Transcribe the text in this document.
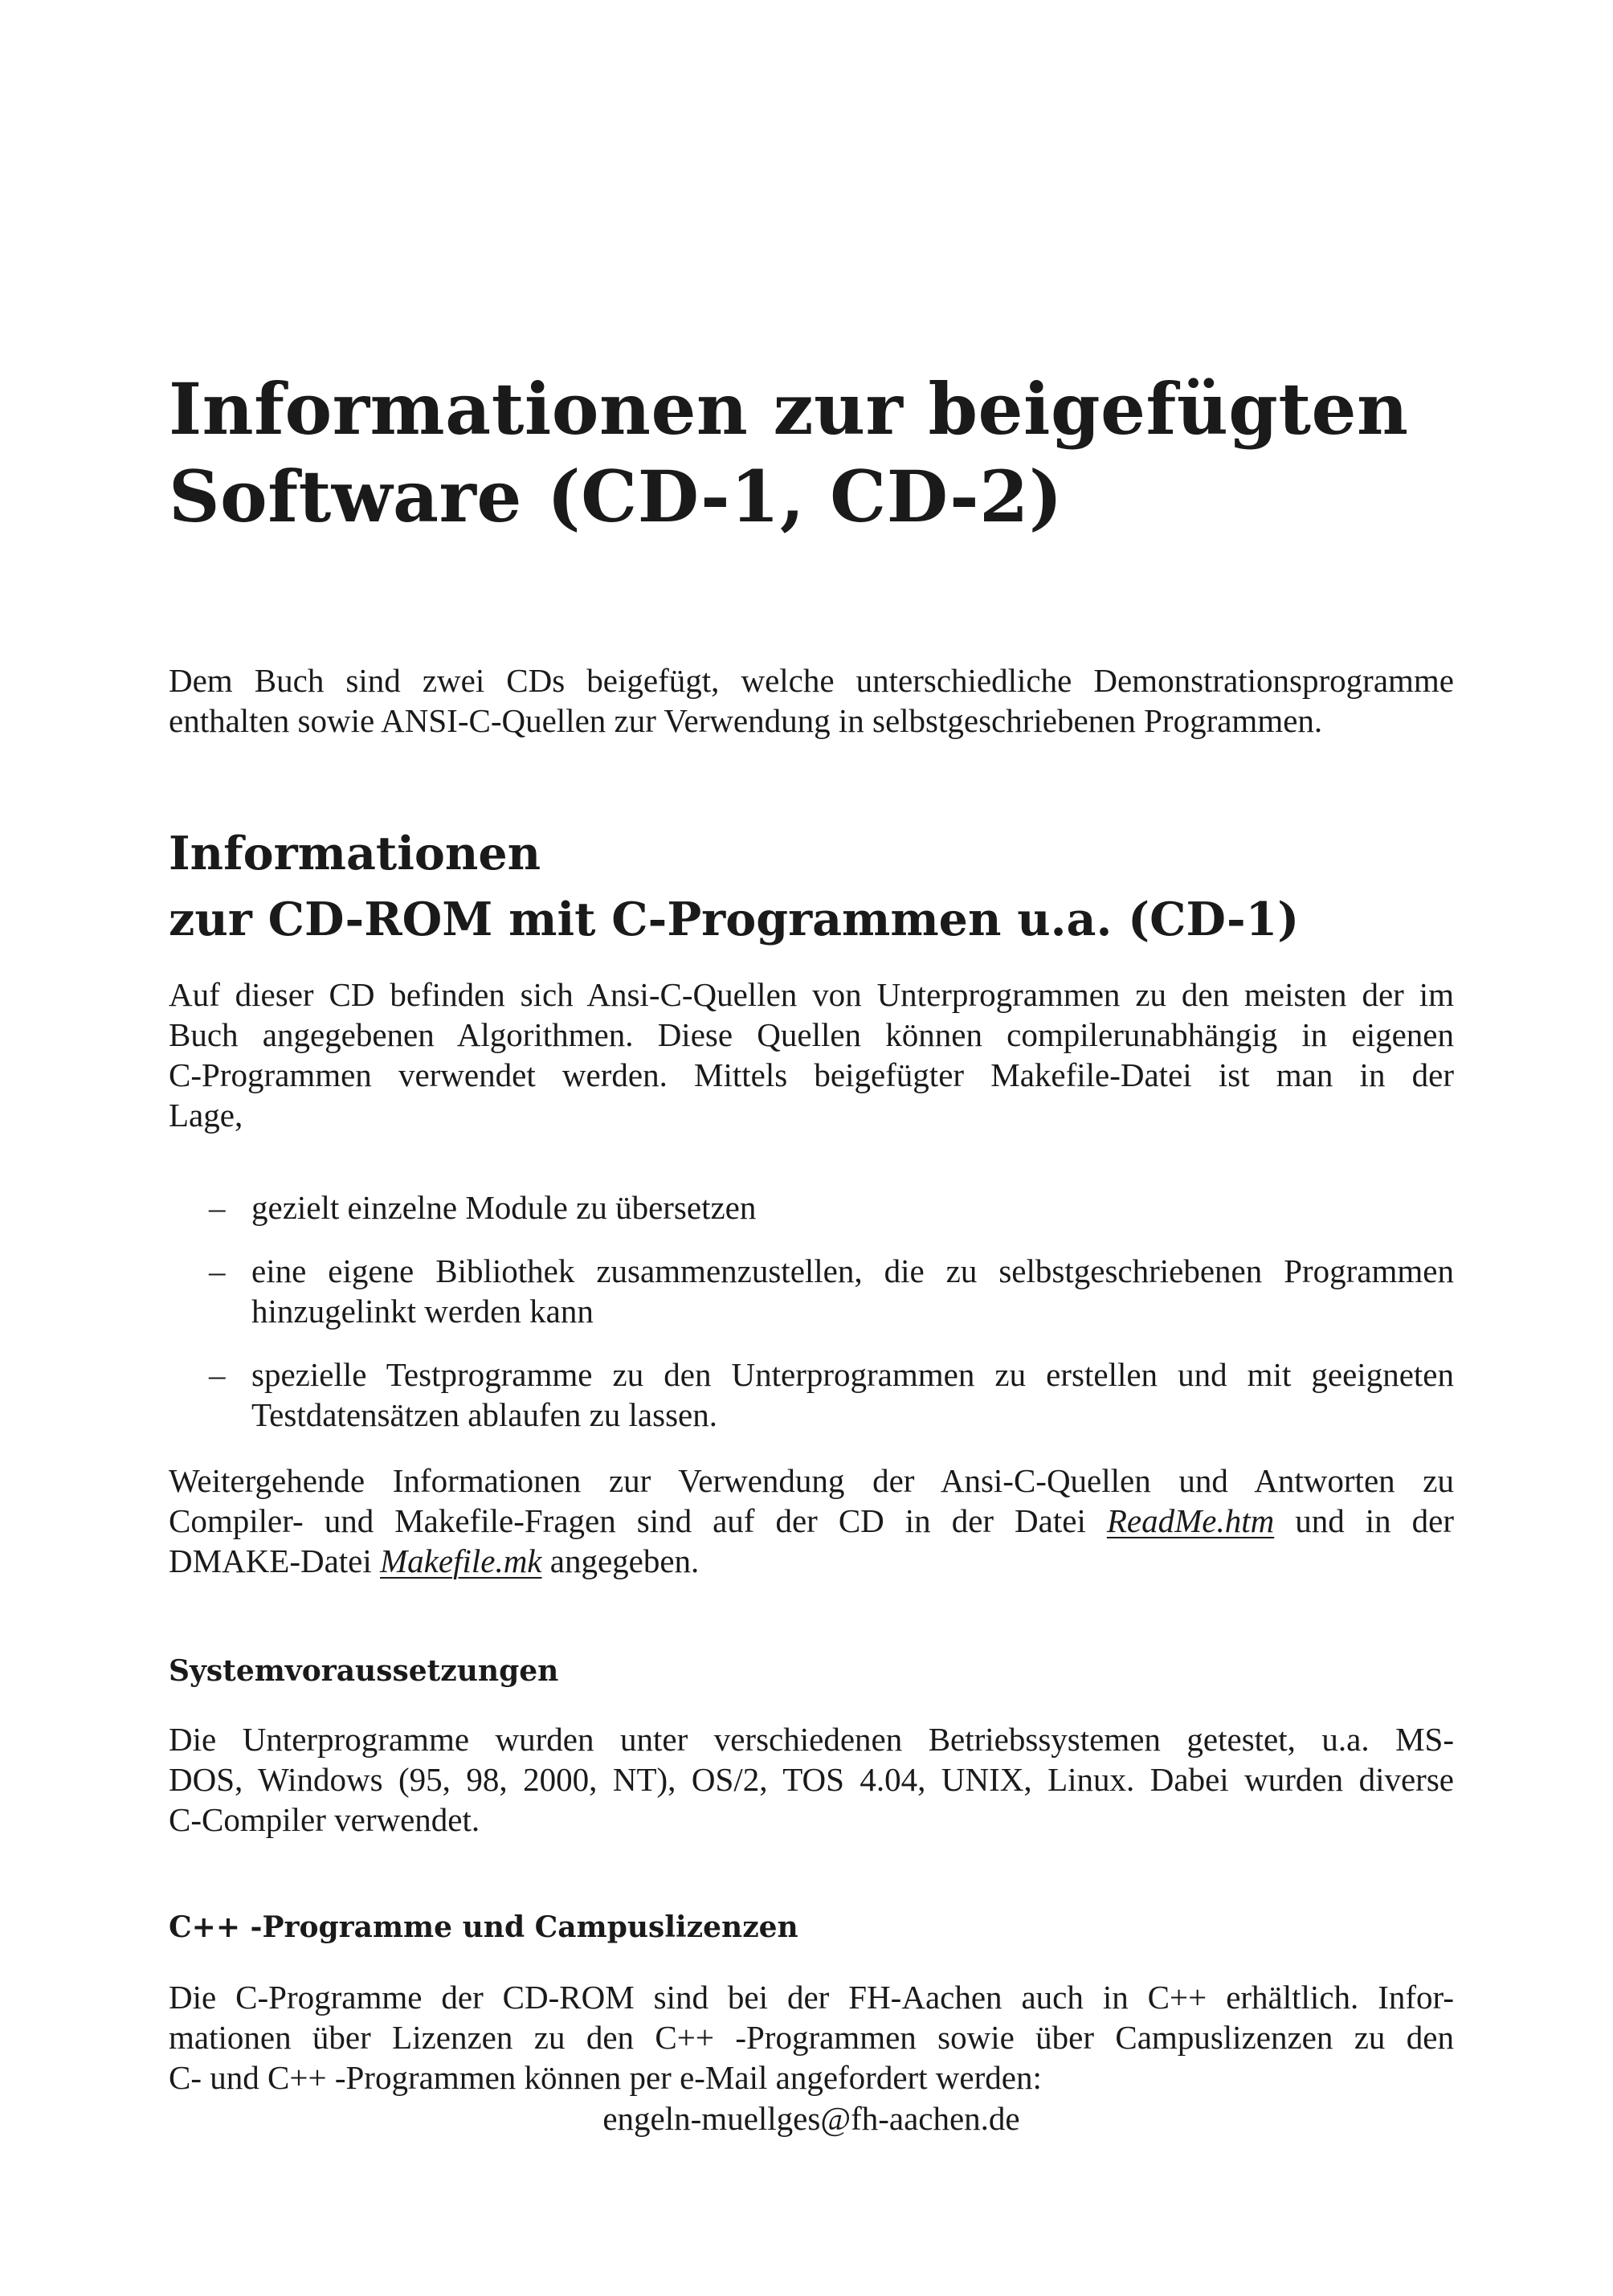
Informationen zur beigefügten
Software (CD-1, CD-2)

Dem Buch sind zwei CDs beigefügt, welche unterschiedliche Demonstrationsprogramme
enthalten sowie ANSI-C-Quellen zur Verwendung in selbstgeschriebenen Programmen.

Informationen
zur CD-ROM mit C-Programmen u.a. (CD-1)

Auf dieser CD befinden sich Ansi-C-Quellen von Unterprogrammen zu den meisten der im
Buch angegebenen Algorithmen. Diese Quellen können compilerunabhängig in eigenen
C-Programmen verwendet werden. Mittels beigefügter Makefile-Datei ist man in der
Lage,

– gezielt einzelne Module zu übersetzen
– eine eigene Bibliothek zusammenzustellen, die zu selbstgeschriebenen Programmen
hinzugelinkt werden kann
– spezielle Testprogramme zu den Unterprogrammen zu erstellen und mit geeigneten
Testdatensätzen ablaufen zu lassen.

Weitergehende Informationen zur Verwendung der Ansi-C-Quellen und Antworten zu
Compiler- und Makefile-Fragen sind auf der CD in der Datei ReadMe.htm und in der
DMAKE-Datei Makefile.mk angegeben.

Systemvoraussetzungen

Die Unterprogramme wurden unter verschiedenen Betriebssystemen getestet, u.a. MS-
DOS, Windows (95, 98, 2000, NT), OS/2, TOS 4.04, UNIX, Linux. Dabei wurden diverse
C-Compiler verwendet.

C++ -Programme und Campuslizenzen

Die C-Programme der CD-ROM sind bei der FH-Aachen auch in C++ erhältlich. Infor-
mationen über Lizenzen zu den C++ -Programmen sowie über Campuslizenzen zu den
C- und C++ -Programmen können per e-Mail angefordert werden:

engeln-muellges@fh-aachen.de
